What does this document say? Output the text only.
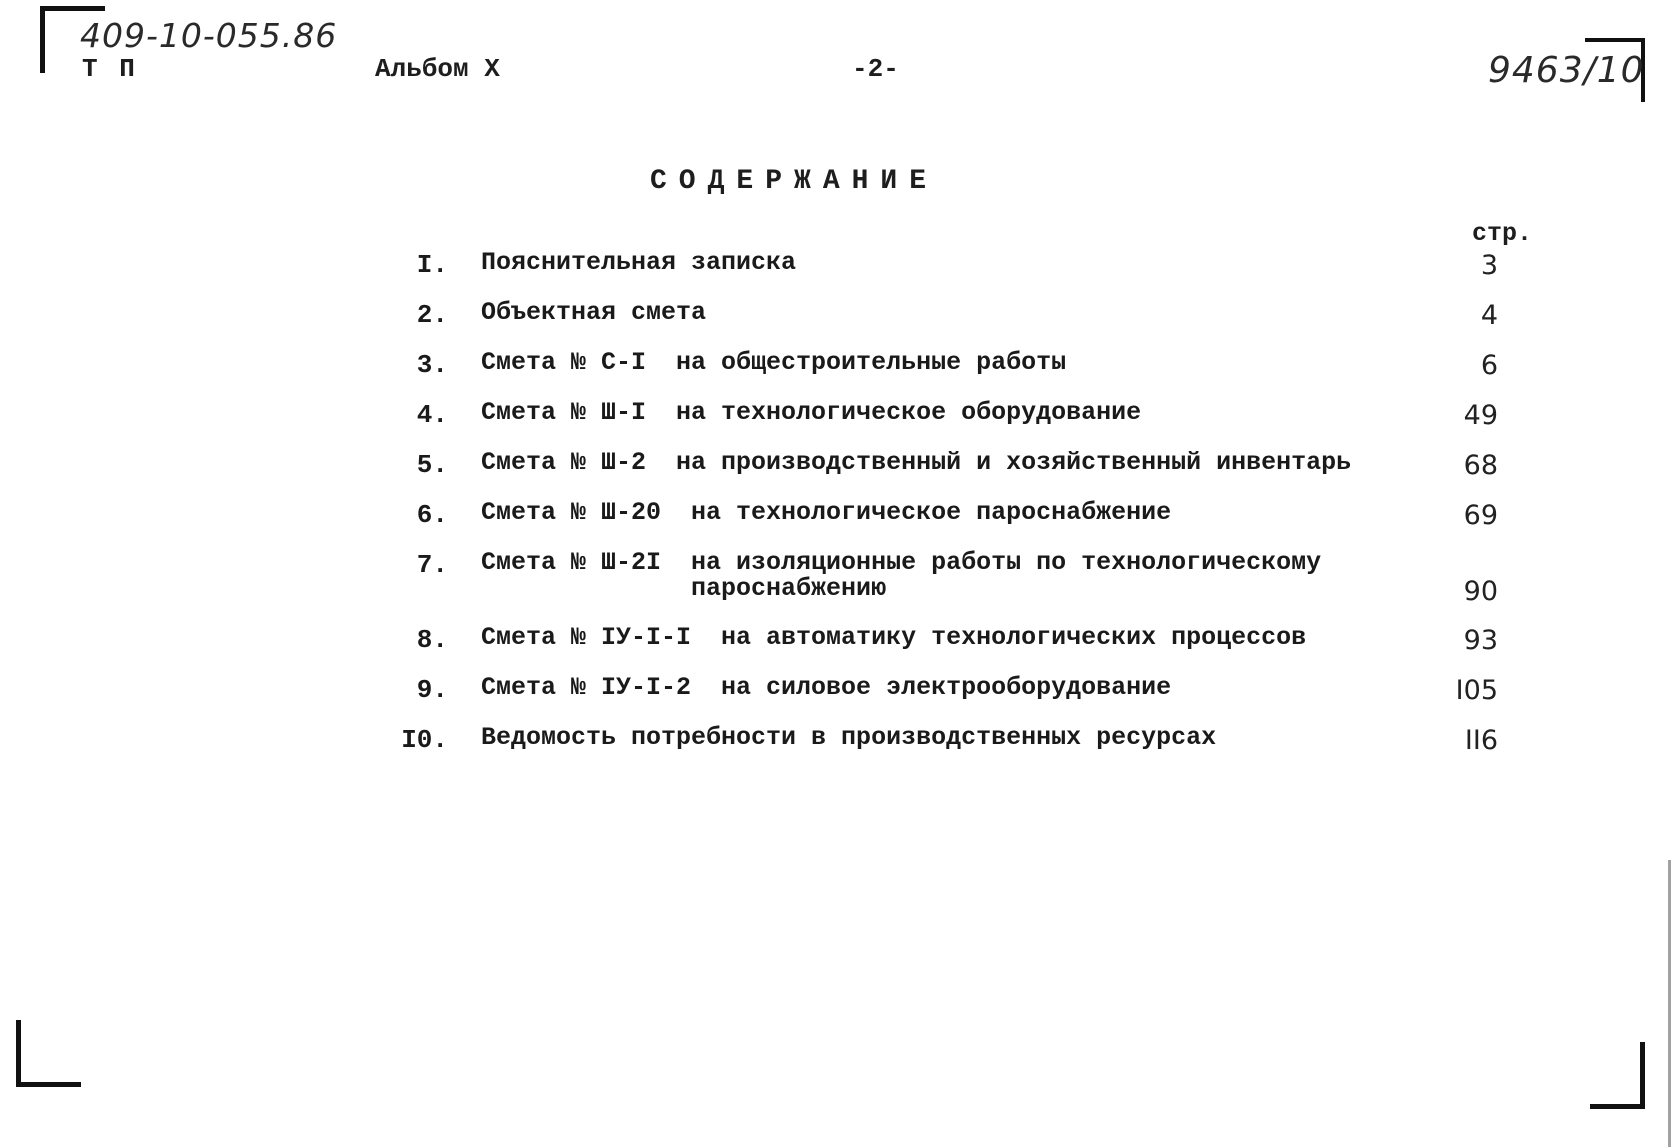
409-10-055.86
Т П	Альбом Х	-2-	9463/10
СОДЕРЖАНИЕ
стр.
I. Пояснительная записка	3
2. Объектная смета	4
3. Смета № С-I  на общестроительные работы	6
4. Смета № Ш-I  на технологическое оборудование	49
5. Смета № Ш-2  на производственный и хозяйственный инвентарь	68
6. Смета № Ш-20  на технологическое пароснабжение	69
7. Смета № Ш-2I  на изоляционные работы по технологическому
пароснабжению	90
8. Смета № IУ-I-I  на автоматику технологических процессов	93
9. Смета № IУ-I-2  на силовое электрооборудование	I05
I0. Ведомость потребности в производственных ресурсах	II6
